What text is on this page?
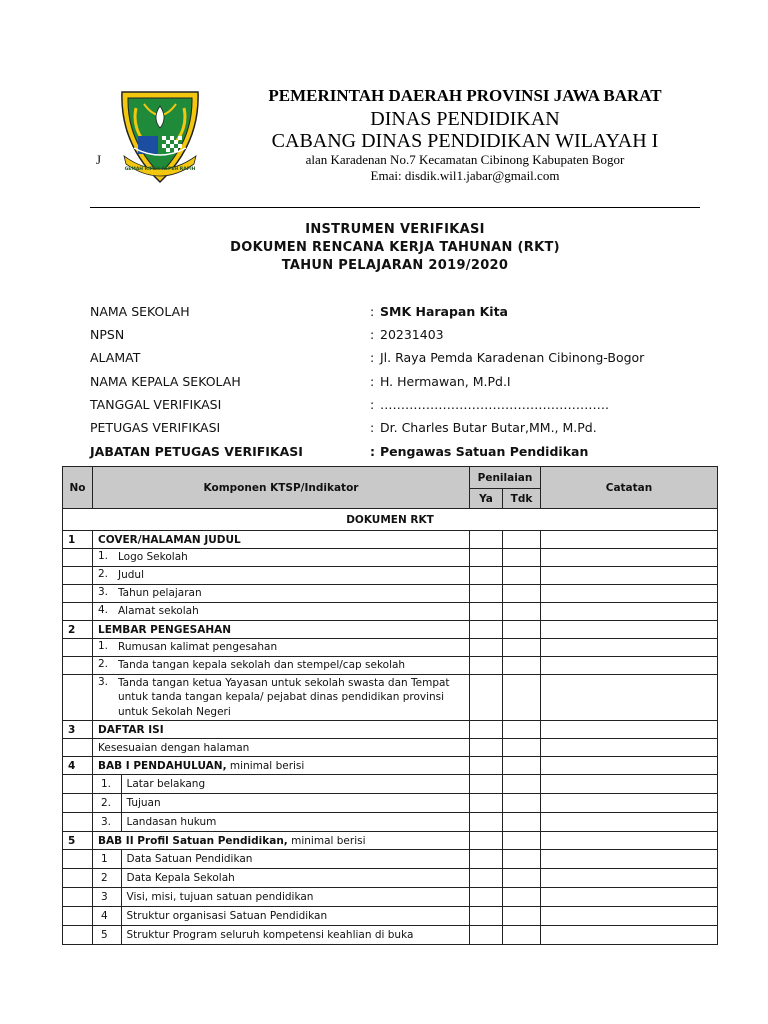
GEMAH RIPAH REPEH RAPIH
J
PEMERINTAH DAERAH PROVINSI JAWA BARAT
DINAS PENDIDIKAN
CABANG DINAS PENDIDIKAN WILAYAH I
alan Karadenan No.7 Kecamatan Cibinong Kabupaten Bogor
Emai: disdik.wil1.jabar@gmail.com
INSTRUMEN VERIFIKASI
DOKUMEN RENCANA KERJA TAHUNAN (RKT)
TAHUN PELAJARAN 2019/2020
NAMA SEKOLAH	: SMK Harapan Kita
NPSN	: 20231403
ALAMAT	: Jl. Raya Pemda Karadenan Cibinong-Bogor
NAMA KEPALA SEKOLAH	: H. Hermawan, M.Pd.I
TANGGAL VERIFIKASI	: ……………………………………………….
PETUGAS VERIFIKASI	: Dr. Charles Butar Butar,MM., M.Pd.
JABATAN PETUGAS VERIFIKASI	: Pengawas Satuan Pendidikan
No	Komponen KTSP/Indikator	Penilaian	Catatan
Ya	Tdk
DOKUMEN RKT
1	COVER/HALAMAN JUDUL			

1. Logo Sekolah

2. Judul

3. Tahun pelajaran

4. Alamat sekolah

2	LEMBAR PENGESAHAN			

1. Rumusan kalimat pengesahan

2. Tanda tangan kepala sekolah dan stempel/cap sekolah

3. Tanda tangan ketua Yayasan untuk sekolah swasta dan Tempat untuk tanda tangan kepala/ pejabat dinas pendidikan provinsi untuk Sekolah Negeri

3	DAFTAR ISI			
	Kesesuaian dengan halaman			
4	BAB I PENDAHULUAN, minimal berisi			

1.	Latar belakang

2.	Tujuan

3.	Landasan hukum

5	BAB II Profil Satuan Pendidikan, minimal berisi			

1	Data Satuan Pendidikan

2	Data Kepala Sekolah

3	Visi, misi, tujuan satuan pendidikan

4	Struktur organisasi Satuan Pendidikan

5	Struktur Program seluruh kompetensi keahlian di buka
